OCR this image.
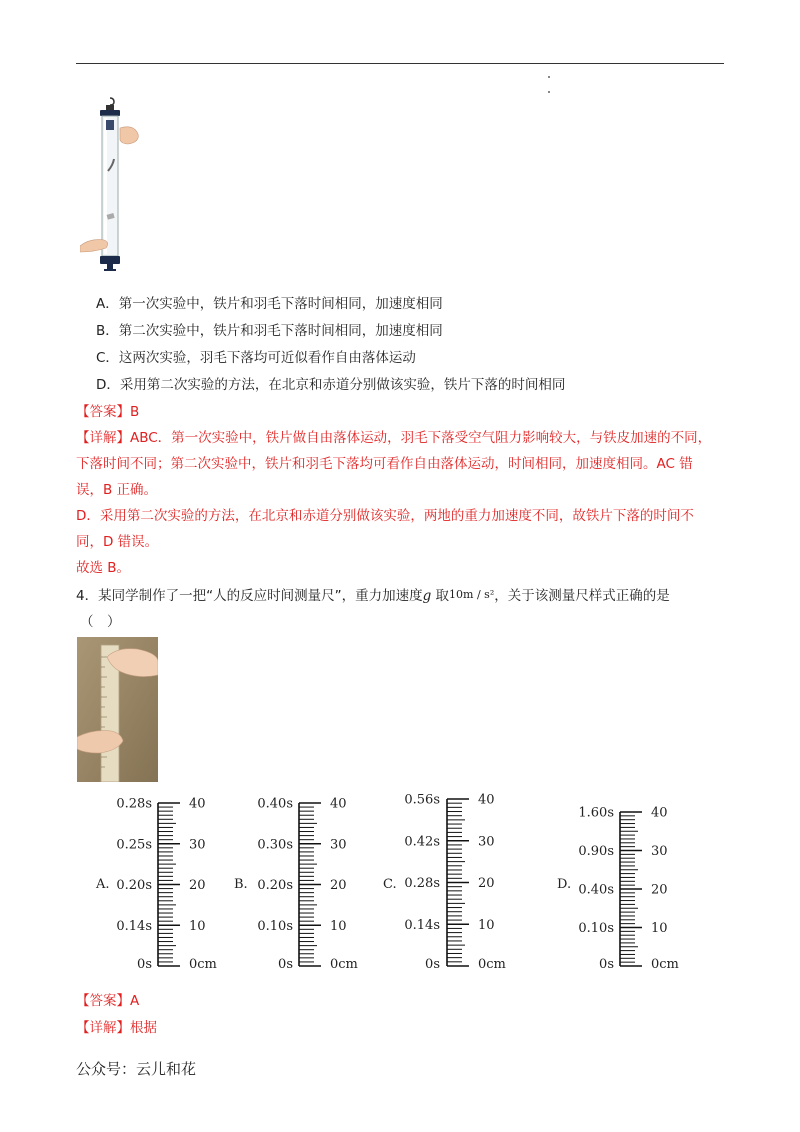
A．第一次实验中，铁片和羽毛下落时间相同，加速度相同
B．第二次实验中，铁片和羽毛下落时间相同，加速度相同
C．这两次实验，羽毛下落均可近似看作自由落体运动
D．采用第二次实验的方法，在北京和赤道分别做该实验，铁片下落的时间相同
【答案】B
【详解】ABC．第一次实验中，铁片做自由落体运动，羽毛下落受空气阻力影响较大，与铁皮加速的不同，
下落时间不同；第二次实验中，铁片和羽毛下落均可看作自由落体运动，时间相同，加速度相同。AC 错
误，B 正确。
D．采用第二次实验的方法，在北京和赤道分别做该实验，两地的重力加速度不同，故铁片下落的时间不
同，D 错误。
故选 B。
4．某同学制作了一把“人的反应时间测量尺”，重力加速度g 取10m / s²，关于该测量尺样式正确的是
（　）
A.
0.28s	40
0.25s	30
0.20s	20
0.14s	10
0s	0cm
B.
0.40s	40
0.30s	30
0.20s	20
0.10s	10
0s	0cm
C.
0.56s	40
0.42s	30
0.28s	20
0.14s	10
0s	0cm
D.
1.60s	40
0.90s	30
0.40s	20
0.10s	10
0s	0cm
【答案】A
【详解】根据
公众号：云儿和花
